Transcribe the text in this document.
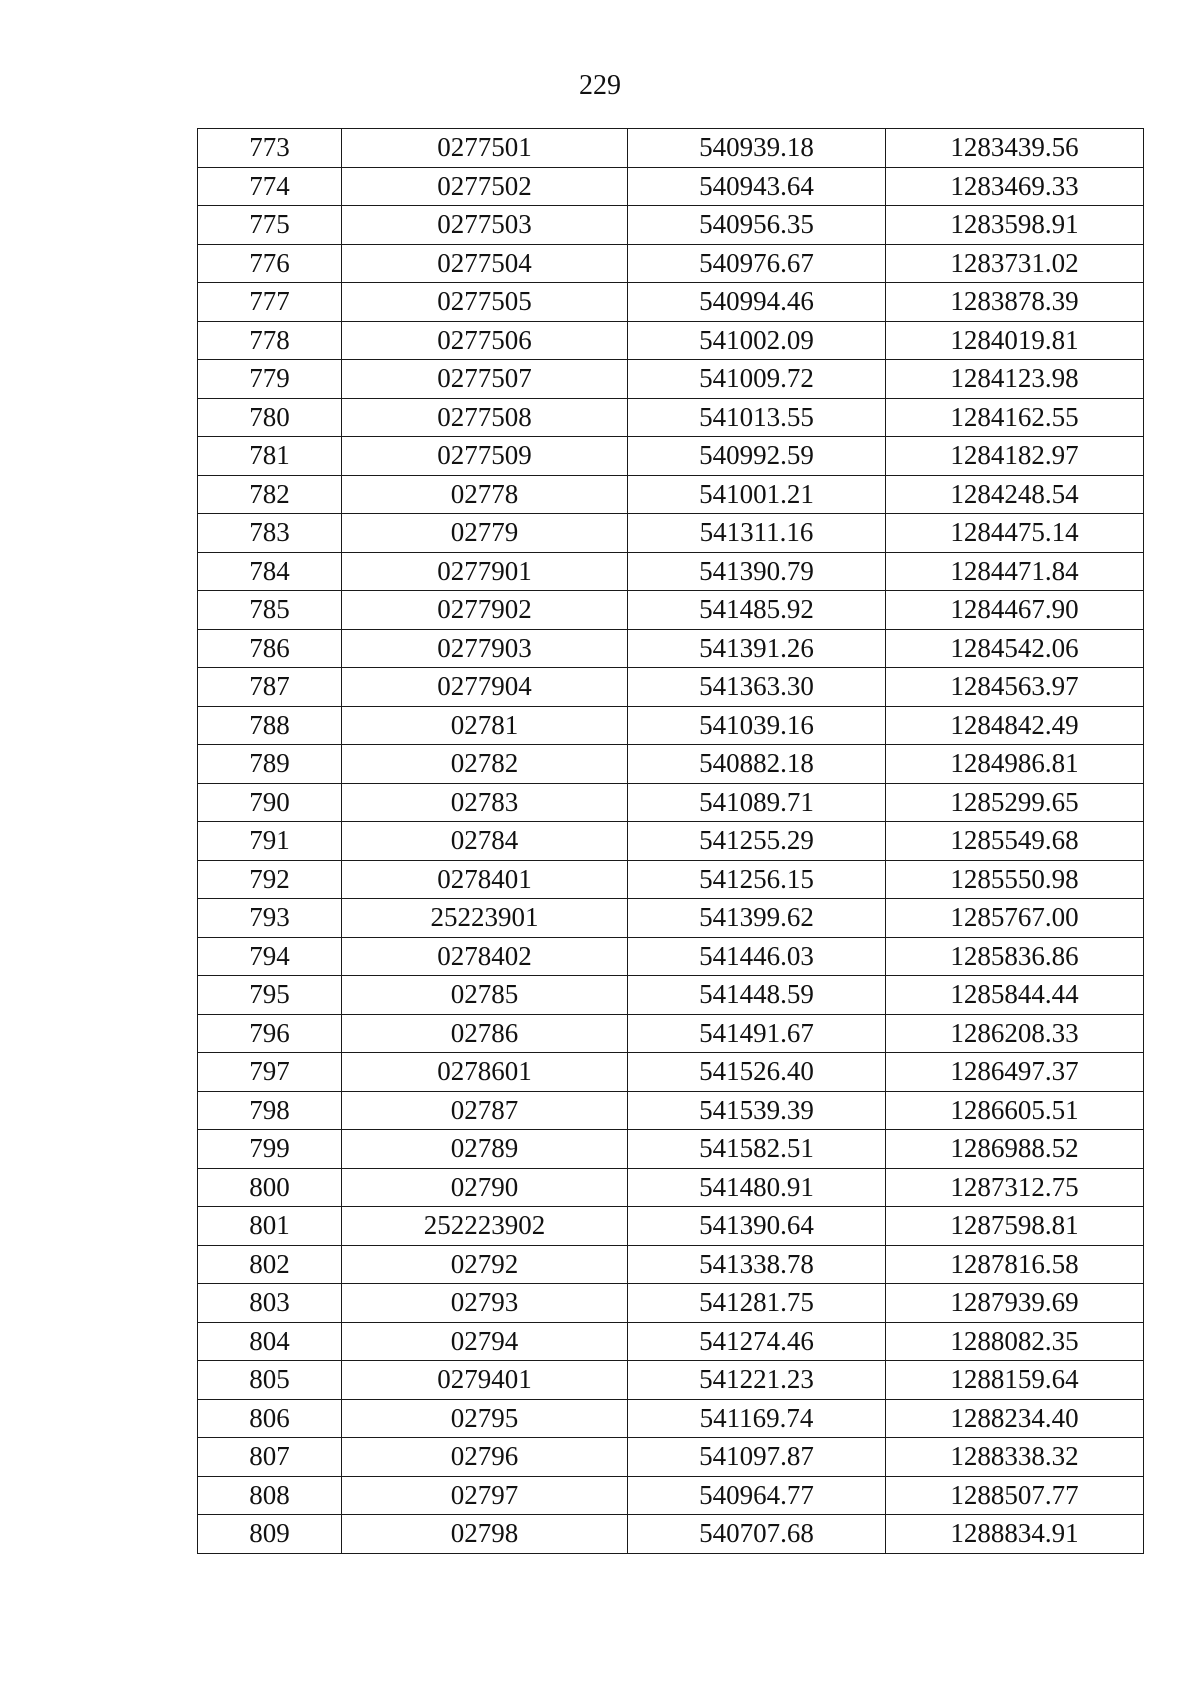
229
773	0277501	540939.18	1283439.56
774	0277502	540943.64	1283469.33
775	0277503	540956.35	1283598.91
776	0277504	540976.67	1283731.02
777	0277505	540994.46	1283878.39
778	0277506	541002.09	1284019.81
779	0277507	541009.72	1284123.98
780	0277508	541013.55	1284162.55
781	0277509	540992.59	1284182.97
782	02778	541001.21	1284248.54
783	02779	541311.16	1284475.14
784	0277901	541390.79	1284471.84
785	0277902	541485.92	1284467.90
786	0277903	541391.26	1284542.06
787	0277904	541363.30	1284563.97
788	02781	541039.16	1284842.49
789	02782	540882.18	1284986.81
790	02783	541089.71	1285299.65
791	02784	541255.29	1285549.68
792	0278401	541256.15	1285550.98
793	25223901	541399.62	1285767.00
794	0278402	541446.03	1285836.86
795	02785	541448.59	1285844.44
796	02786	541491.67	1286208.33
797	0278601	541526.40	1286497.37
798	02787	541539.39	1286605.51
799	02789	541582.51	1286988.52
800	02790	541480.91	1287312.75
801	252223902	541390.64	1287598.81
802	02792	541338.78	1287816.58
803	02793	541281.75	1287939.69
804	02794	541274.46	1288082.35
805	0279401	541221.23	1288159.64
806	02795	541169.74	1288234.40
807	02796	541097.87	1288338.32
808	02797	540964.77	1288507.77
809	02798	540707.68	1288834.91
